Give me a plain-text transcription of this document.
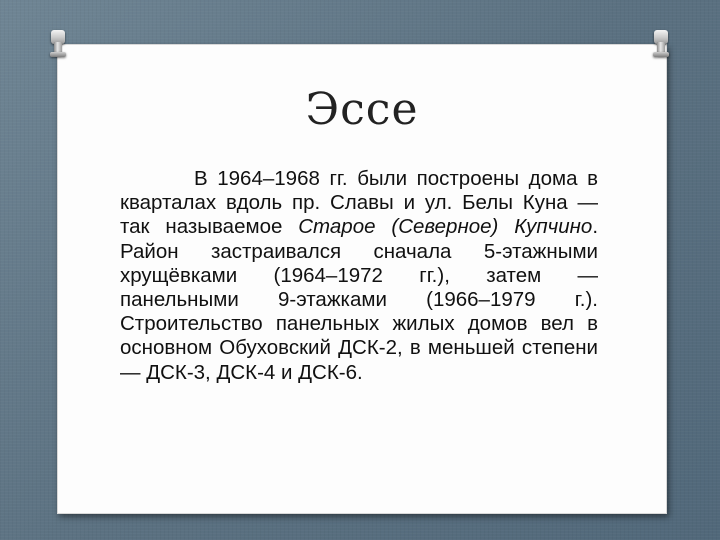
Эссе

В 1964–1968 гг. были построены дома в кварталах вдоль пр. Славы и ул. Белы Куна — так называемое Старое (Северное) Купчино. Район застраивался сначала 5-этажными хрущёвками (1964–1972 гг.), затем — панельными 9-этажками (1966–1979 г.). Строительство панельных жилых домов вел в основном Обуховский ДСК-2, в меньшей степени — ДСК-3, ДСК-4 и ДСК-6.
